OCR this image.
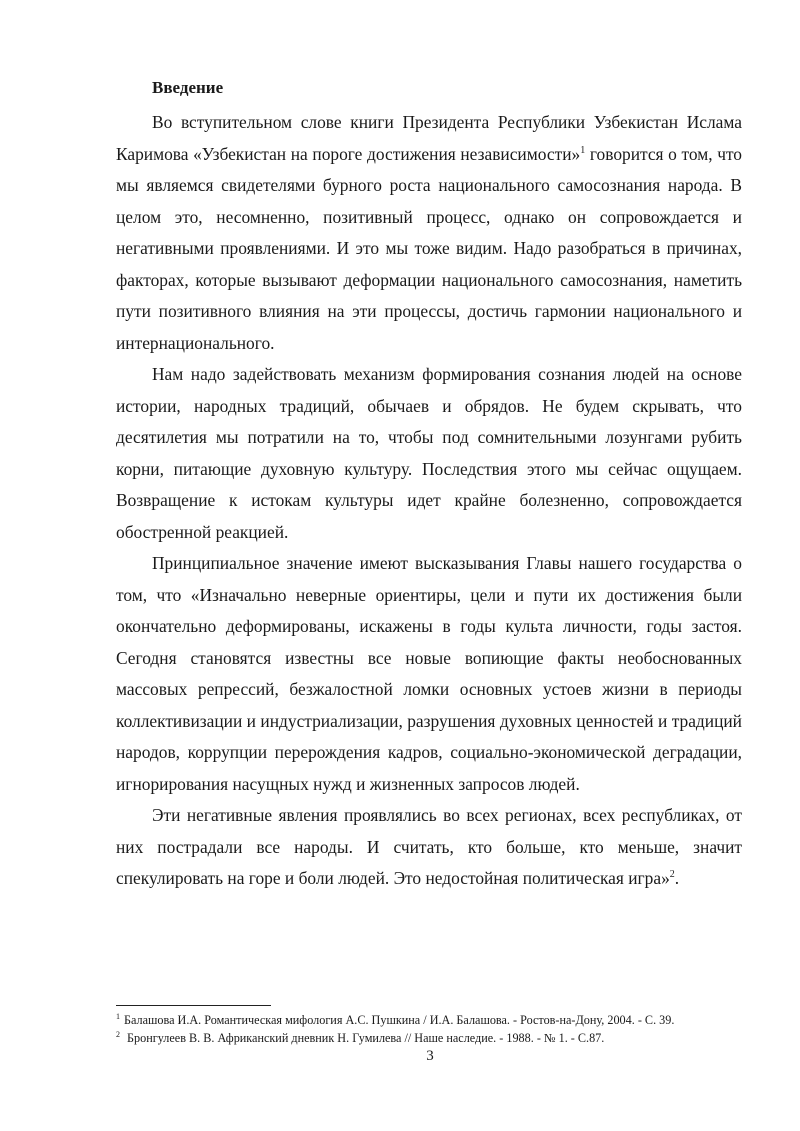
Введение

Во вступительном слове книги Президента Республики Узбекистан Ислама Каримова «Узбекистан на пороге достижения независимости»$^1$ говорится о том, что мы являемся свидетелями бурного роста национального самосознания народа. В целом это, несомненно, позитивный процесс, однако он сопровождается и негативными проявлениями. И это мы тоже видим. Надо разобраться в причинах, факторах, которые вызывают деформации национального самосознания, наметить пути позитивного влияния на эти процессы, достичь гармонии национального и интернационального.

Нам надо задействовать механизм формирования сознания людей на основе истории, народных традиций, обычаев и обрядов. Не будем скрывать, что десятилетия мы потратили на то, чтобы под сомнительными лозунгами рубить корни, питающие духовную культуру. Последствия этого мы сейчас ощущаем. Возвращение к истокам культуры идет крайне болезненно, сопровождается обостренной реакцией.

Принципиальное значение имеют высказывания Главы нашего государства о том, что «Изначально неверные ориентиры, цели и пути их достижения были окончательно деформированы, искажены в годы культа личности, годы застоя. Сегодня становятся известны все новые вопиющие факты необоснованных массовых репрессий, безжалостной ломки основных устоев жизни в периоды коллективизации и индустриализации, разрушения духовных ценностей и традиций народов, коррупции перерождения кадров, социально-экономической деградации, игнорирования насущных нужд и жизненных запросов людей.

Эти негативные явления проявлялись во всех регионах, всех республиках, от них пострадали все народы. И считать, кто больше, кто меньше, значит спекулировать на горе и боли людей. Это недостойная политическая игра»$^2$.

$^1$ Балашова И.А. Романтическая мифология А.С. Пушкина / И.А. Балашова. - Ростов-на-Дону, 2004. - С. 39.
$^2$ Бронгулеев В. В. Африканский дневник Н. Гумилева // Наше наследие. - 1988. - № 1. - С.87.
3
